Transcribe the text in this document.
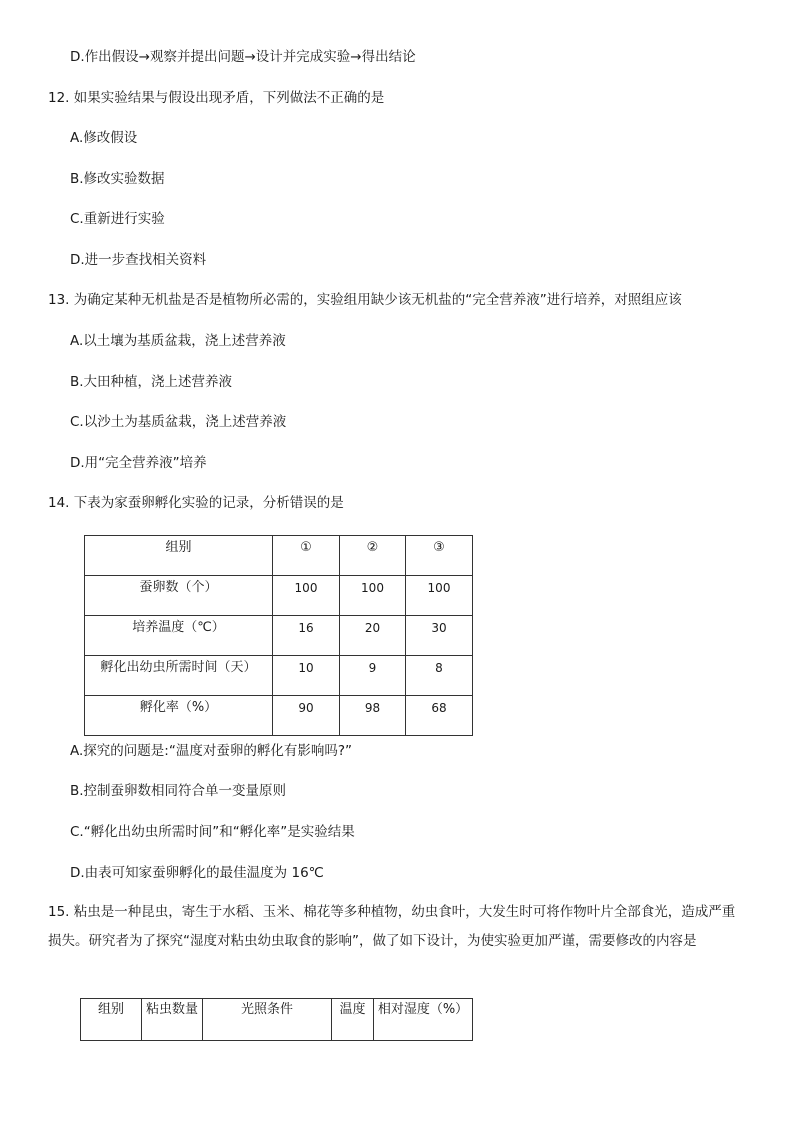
D.作出假设→观察并提出问题→设计并完成实验→得出结论
12. 如果实验结果与假设出现矛盾，下列做法不正确的是
A.修改假设
B.修改实验数据
C.重新进行实验
D.进一步查找相关资料
13. 为确定某种无机盐是否是植物所必需的，实验组用缺少该无机盐的“完全营养液”进行培养，对照组应该
A.以土壤为基质盆栽，浇上述营养液
B.大田种植，浇上述营养液
C.以沙土为基质盆栽，浇上述营养液
D.用“完全营养液”培养
14. 下表为家蚕卵孵化实验的记录，分析错误的是
组别	①	②	③
蚕卵数（个）	100	100	100
培养温度（℃）	16	20	30
孵化出幼虫所需时间（天）	10	9	8
孵化率（%）	90	98	68
A.探究的问题是:“温度对蚕卵的孵化有影响吗?”
B.控制蚕卵数相同符合单一变量原则
C.“孵化出幼虫所需时间”和“孵化率”是实验结果
D.由表可知家蚕卵孵化的最佳温度为 16℃
15. 粘虫是一种昆虫，寄生于水稻、玉米、棉花等多种植物，幼虫食叶，大发生时可将作物叶片全部食光，造成严重损失。研究者为了探究“湿度对粘虫幼虫取食的影响”，做了如下设计，为使实验更加严谨，需要修改的内容是
组别	粘虫数量	光照条件	温度	相对湿度（%）
